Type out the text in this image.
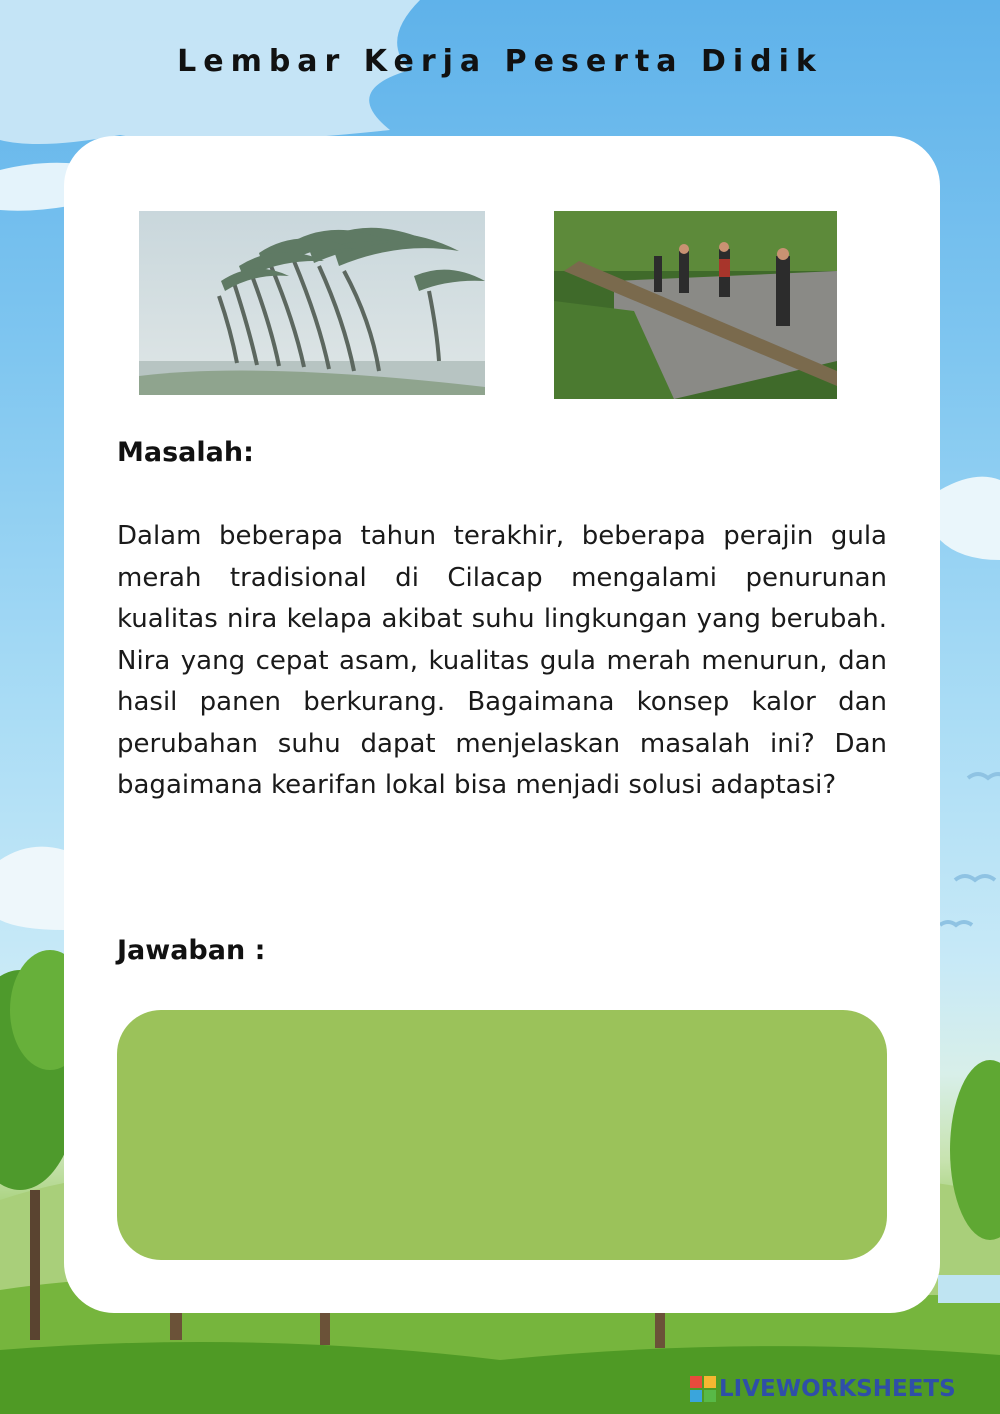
Lembar Kerja Peserta Didik
Masalah:

Dalam beberapa tahun terakhir, beberapa perajin gula merah tradisional di Cilacap mengalami penurunan kualitas nira kelapa akibat suhu lingkungan yang berubah. Nira yang cepat asam, kualitas gula merah menurun, dan hasil panen berkurang. Bagaimana konsep kalor dan perubahan suhu dapat menjelaskan masalah ini? Dan bagaimana kearifan lokal bisa menjadi solusi adaptasi?

Jawaban :
LIVEWORKSHEETS
